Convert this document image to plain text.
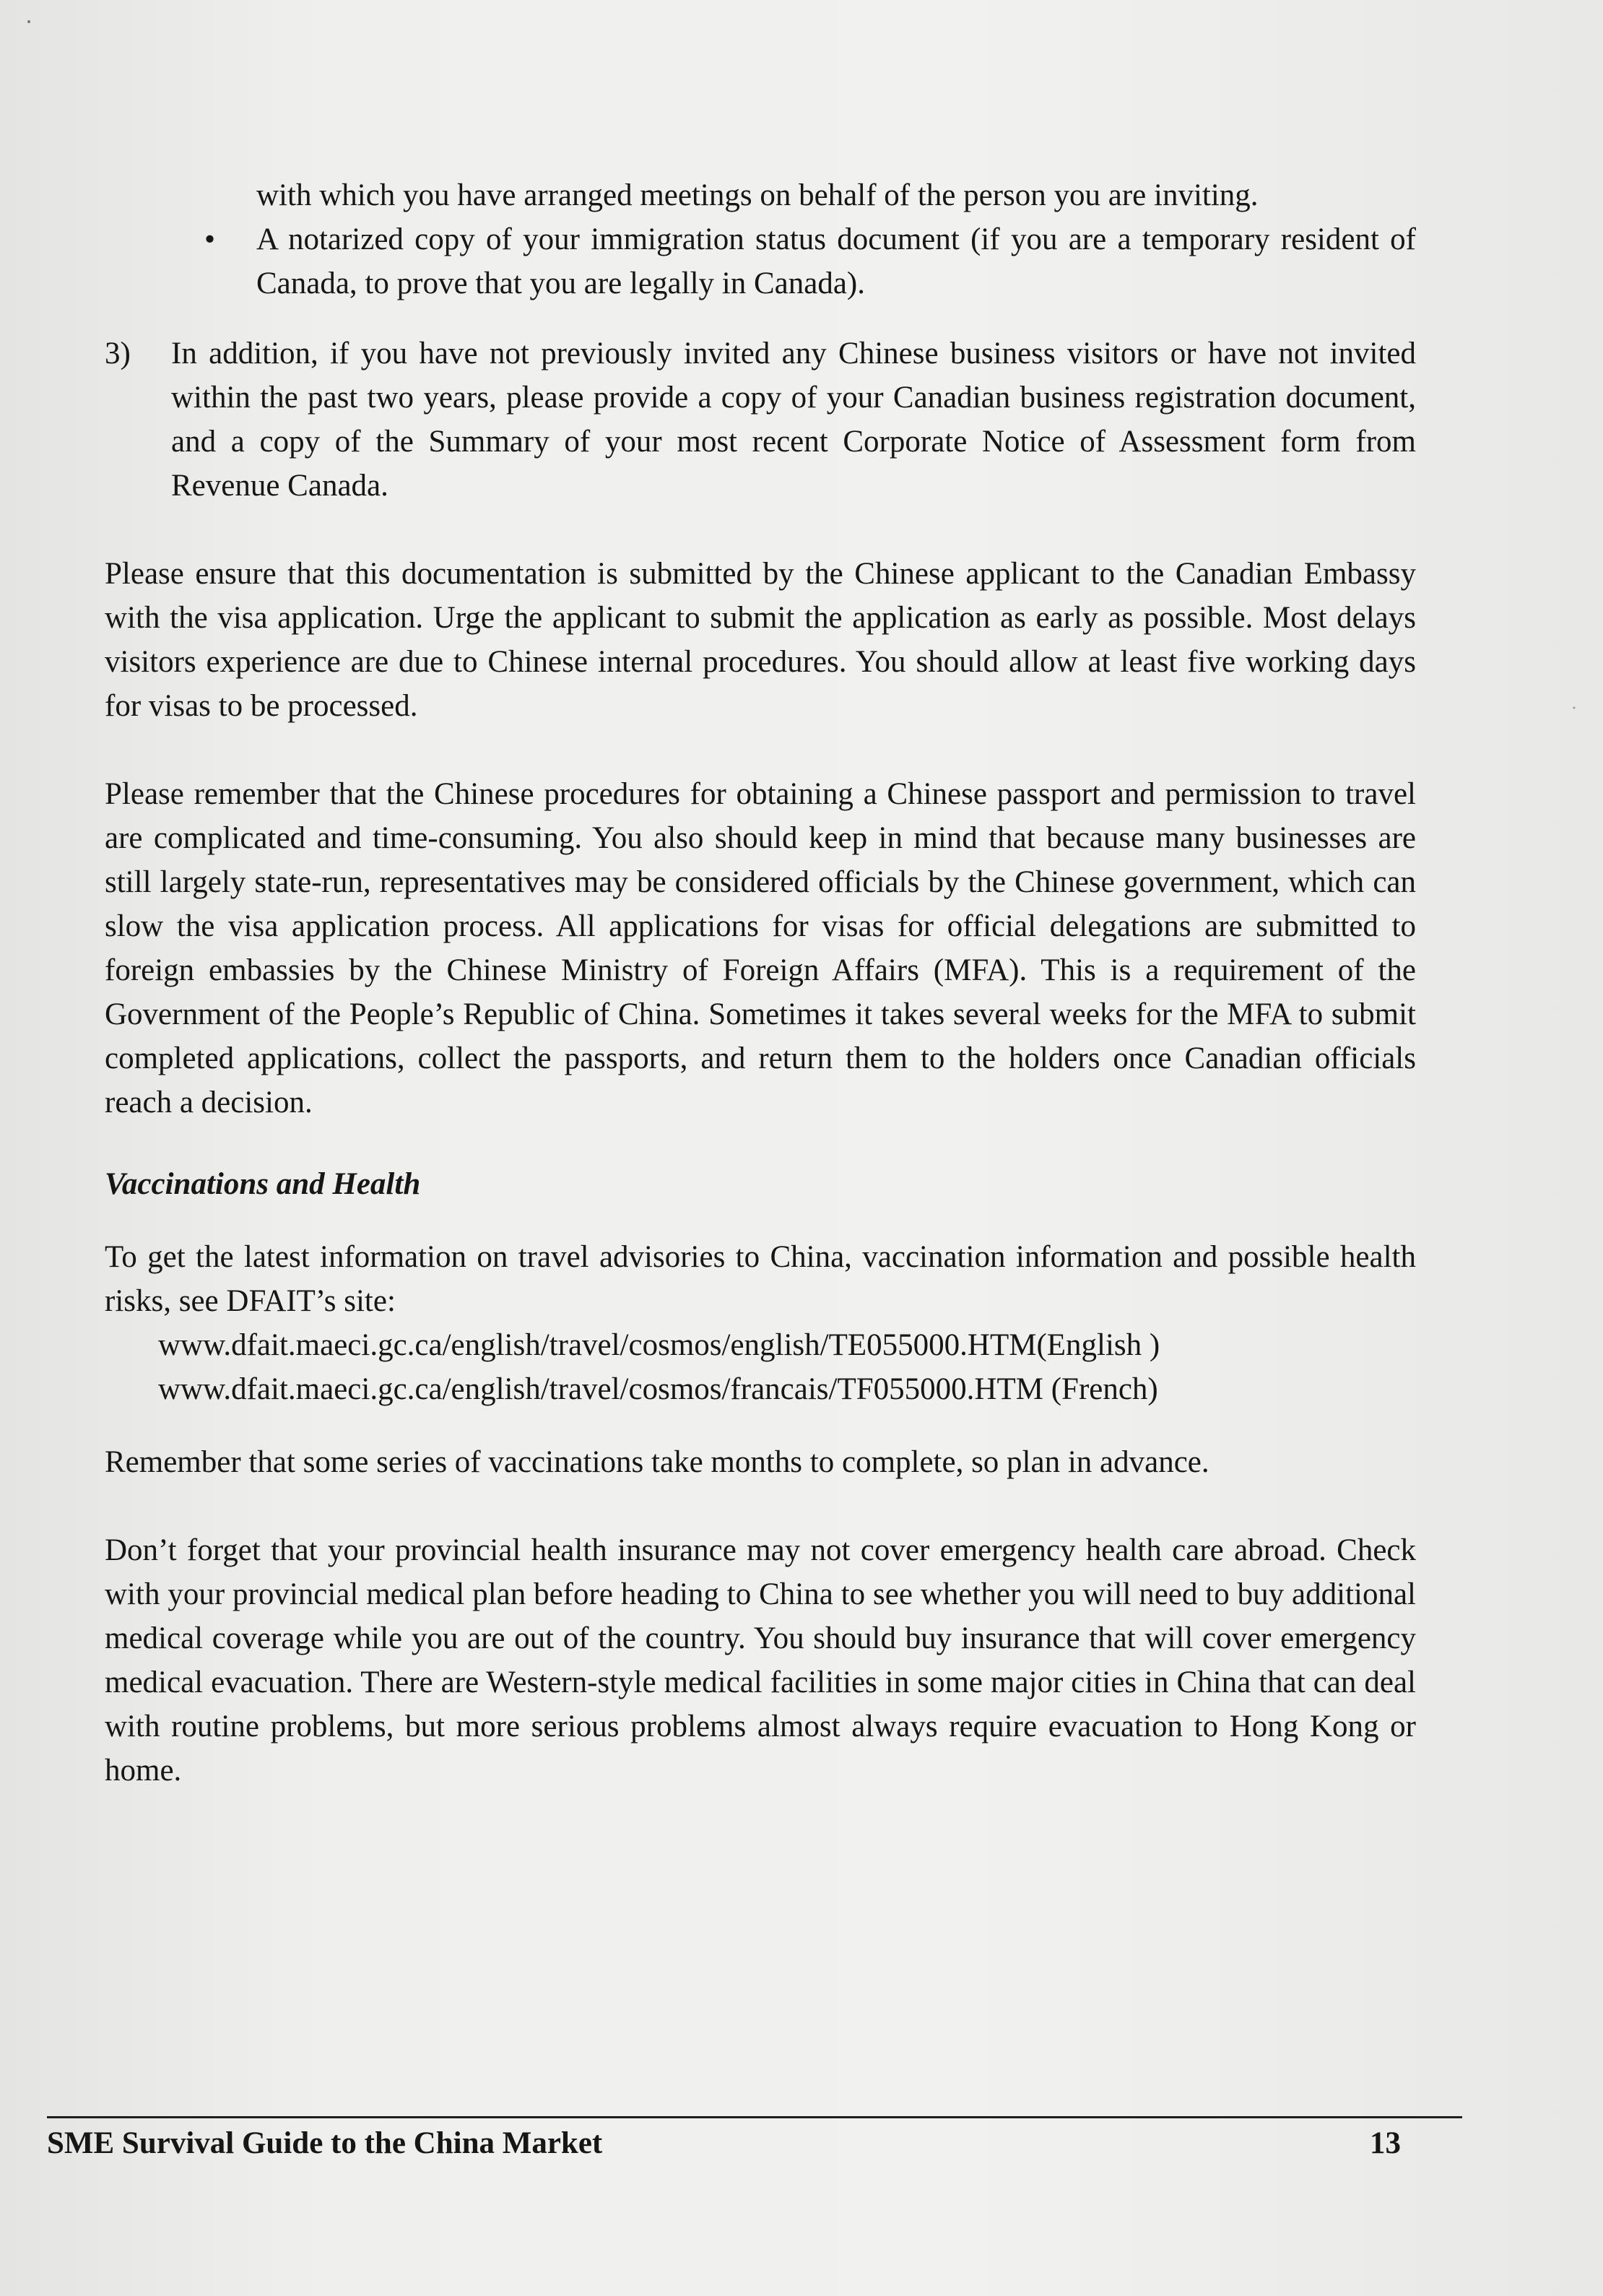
with which you have arranged meetings on behalf of the person you are inviting.

•	A notarized copy of your immigration status document (if you are a temporary resident of Canada, to prove that you are legally in Canada).
3)	In addition, if you have not previously invited any Chinese business visitors or have not invited within the past two years, please provide a copy of your Canadian business registration document, and a copy of the Summary of your most recent Corporate Notice of Assessment form from Revenue Canada.

Please ensure that this documentation is submitted by the Chinese applicant to the Canadian Embassy with the visa application. Urge the applicant to submit the application as early as possible. Most delays visitors experience are due to Chinese internal procedures. You should allow at least five working days for visas to be processed.

Please remember that the Chinese procedures for obtaining a Chinese passport and permission to travel are complicated and time-consuming. You also should keep in mind that because many businesses are still largely state-run, representatives may be considered officials by the Chinese government, which can slow the visa application process. All applications for visas for official delegations are submitted to foreign embassies by the Chinese Ministry of Foreign Affairs (MFA). This is a requirement of the Government of the People’s Republic of China. Sometimes it takes several weeks for the MFA to submit completed applications, collect the passports, and return them to the holders once Canadian officials reach a decision.

Vaccinations and Health

To get the latest information on travel advisories to China, vaccination information and possible health risks, see DFAIT’s site:

www.dfait.maeci.gc.ca/english/travel/cosmos/english/TE055000.HTM(English )
www.dfait.maeci.gc.ca/english/travel/cosmos/francais/TF055000.HTM (French)

Remember that some series of vaccinations take months to complete, so plan in advance.

Don’t forget that your provincial health insurance may not cover emergency health care abroad. Check with your provincial medical plan before heading to China to see whether you will need to buy additional medical coverage while you are out of the country. You should buy insurance that will cover emergency medical evacuation. There are Western-style medical facilities in some major cities in China that can deal with routine problems, but more serious problems almost always require evacuation to Hong Kong or home.

SME Survival Guide to the China Market	13
